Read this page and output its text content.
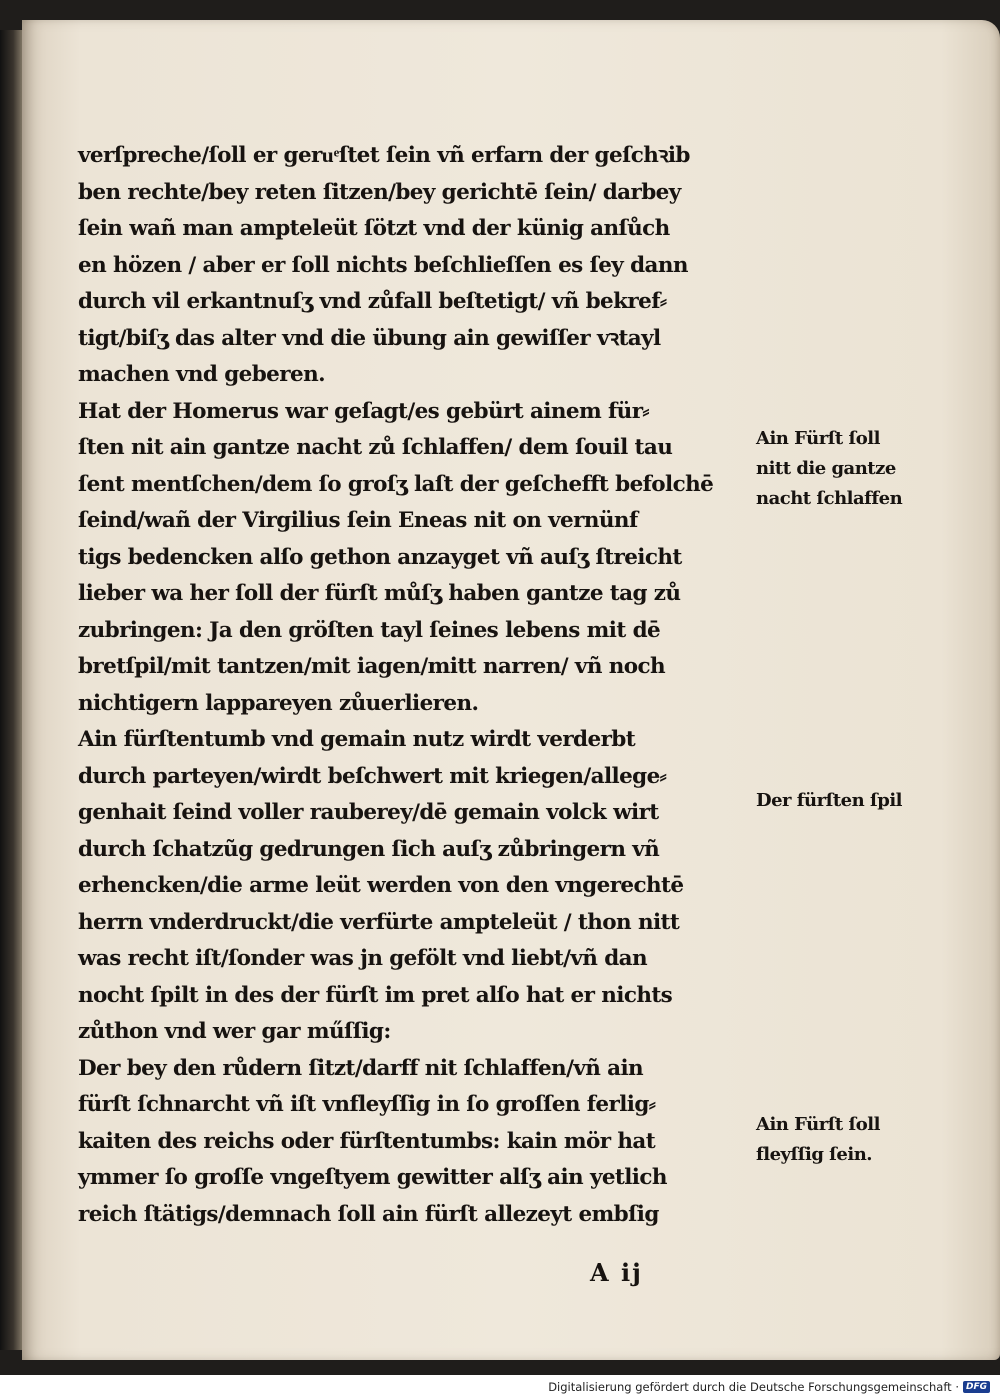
verſpreche/ſoll er geruͤſtet ſein vñ erfarn der geſchꝛib
ben rechte/bey reten ſitzen/bey gerichtē ſein/ darbey
ſein wañ man ampteleüt ſötzt vnd der künig anſůch
en hözen / aber er ſoll nichts beſchlieſſen es ſey dann
durch vil erkantnuſʒ vnd zůfall beſtetigt/ vñ bekref⸗
tigt/biſʒ das alter vnd die übung ain gewiſſer vꝛtayl
machen vnd geberen.
Hat der Homerus war geſagt/es gebürt ainem für⸗
ſten nit ain gantze nacht zů ſchlaffen/ dem ſouil tau
ſent mentſchen/dem ſo groſʒ laſt der geſchefft befolchē
ſeind/wañ der Virgilius ſein Eneas nit on vernünf
tigs bedencken alſo gethon anzayget vñ auſʒ ſtreicht
lieber wa her ſoll der fürſt můſʒ haben gantze tag zů
zubringen: Ja den gröſten tayl ſeines lebens mit dē
bretſpil/mit tantzen/mit iagen/mitt narren/ vñ noch
nichtigern lappareyen zůuerlieren.
Ain fürſtentumb vnd gemain nutz wirdt verderbt
durch parteyen/wirdt beſchwert mit kriegen/allege⸗
genhait ſeind voller rauberey/dē gemain volck wirt
durch ſchatzũg gedrungen ſich auſʒ zůbringern vñ
erhencken/die arme leüt werden von den vngerechtē
herrn vnderdruckt/die verfürte ampteleüt / thon nitt
was recht iſt/ſonder was jn gefölt vnd liebt/vñ dan
nocht ſpilt in des der fürſt im pret alſo hat er nichts
zůthon vnd wer gar műſſig:
Der bey den růdern ſitzt/darff nit ſchlaffen/vñ ain
fürſt ſchnarcht vñ iſt vnfleyſſig in ſo groſſen ferlig⸗
kaiten des reichs oder fürſtentumbs: kain mör hat
ymmer ſo groſſe vngeſtyem gewitter alſʒ ain yetlich
reich ſtätigs/demnach ſoll ain fürſt allezeyt embſig
Ain Fürſt ſoll
nitt die gantze
nacht ſchlaffen
Der fürſten ſpil
Ain Fürſt ſoll
fleyſſig ſein.
A ij
Digitalisierung gefördert durch die Deutsche Forschungsgemeinschaft · DFG
